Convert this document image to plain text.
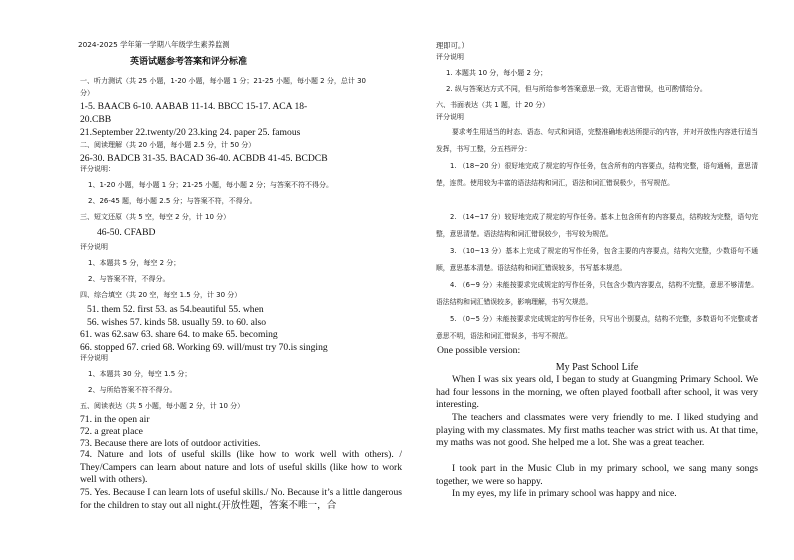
2024-2025 学年第一学期八年级学生素养监测
英语试题参考答案和评分标准
一、听力测试（共 25 小题，1-20 小题，每小题 1 分；21-25 小题，每小题 2 分，总计 30
分）
1-5. BAACB 6-10. AABAB 11-14. BBCC 15-17. ACA 18-
20.CBB
21.September 22.twenty/20 23.king 24. paper 25. famous
二、阅读理解（共 20 小题，每小题 2.5 分，计 50 分）
26-30. BADCB 31-35. BACAD 36-40. ACBDB 41-45. BCDCB
评分说明：
1、1-20 小题，每小题 1 分；21-25 小题，每小题 2 分；与答案不符不得分。
2、26-45 题，每小题 2.5 分；与答案不符，不得分。
三、短文还原（共 5 空，每空 2 分，计 10 分）
46-50. CFABD
评分说明
1、本题共 5 分，每空 2 分；
2、与答案不符，不得分。
四、综合填空（共 20 空，每空 1.5 分，计 30 分）
51. them 52. first 53. as 54.beautiful 55. when
56. wishes 57. kinds 58. usually 59. to 60. also
61. was 62.saw 63. share 64. to make 65. becoming
66. stopped 67. cried 68. Working 69. will/must try 70.is singing
评分说明
1、本题共 30 分，每空 1.5 分；
2、与所给答案不符不得分。
五、阅读表达（共 5 小题，每小题 2 分，计 10 分）
71. in the open air
72. a great place
73. Because there are lots of outdoor activities.
74. Nature and lots of useful skills (like how to work well with others). / They/Campers can learn about nature and lots of useful skills (like how to work well with others).
75. Yes. Because I can learn lots of useful skills./ No. Because it’s a little dangerous for the children to stay out all night.(开放性题，答案不唯一，合
理即可。）
评分说明
1. 本题共 10 分，每小题 2 分；
2. 纵与答案达方式不同，但与所给参考答案意思一致，无语言错误，也可酌情给分。
六、书面表达（共 1 题，计 20 分）
评分说明
要求考生用适当的时态、语态、句式和词语，完整准确地表达所提示的内容，并对开放性内容进行适当发挥，书写工整，分五档评分：
1. （18~20 分）很好地完成了规定的写作任务，包含所有的内容要点，结构完整，语句通畅，意思清楚，连贯。使用较为丰富的语法结构和词汇，语法和词汇错误极少，书写规范。
2. （14~17 分）较好地完成了规定的写作任务。基本上包含所有的内容要点，结构较为完整，语句完整，意思清楚。语法结构和词汇错误较少，书写较为规范。
3. （10~13 分）基本上完成了规定的写作任务，包含主要的内容要点，结构欠完整，少数语句不通顺，意思基本清楚。语法结构和词汇错误较多，书写基本规范。
4. （6~9 分）未能按要求完成规定的写作任务，只包含少数内容要点，结构不完整，意思不够清楚。语法结构和词汇错误较多，影响理解，书写欠规范。
5. （0~5 分）未能按要求完成规定的写作任务，只写出个别要点，结构不完整，多数语句不完整或者意思不明，语法和词汇错误多，书写不规范。
One possible version:
My Past School Life
When I was six years old, I began to study at Guangming Primary School. We had four lessons in the morning, we often played football after school, it was very interesting.
The teachers and classmates were very friendly to me. I liked studying and playing with my classmates. My first maths teacher was strict with us. At that time, my maths was not good. She helped me a lot. She was a great teacher.
I took part in the Music Club in my primary school, we sang many songs together, we were so happy.
In my eyes, my life in primary school was happy and nice.
